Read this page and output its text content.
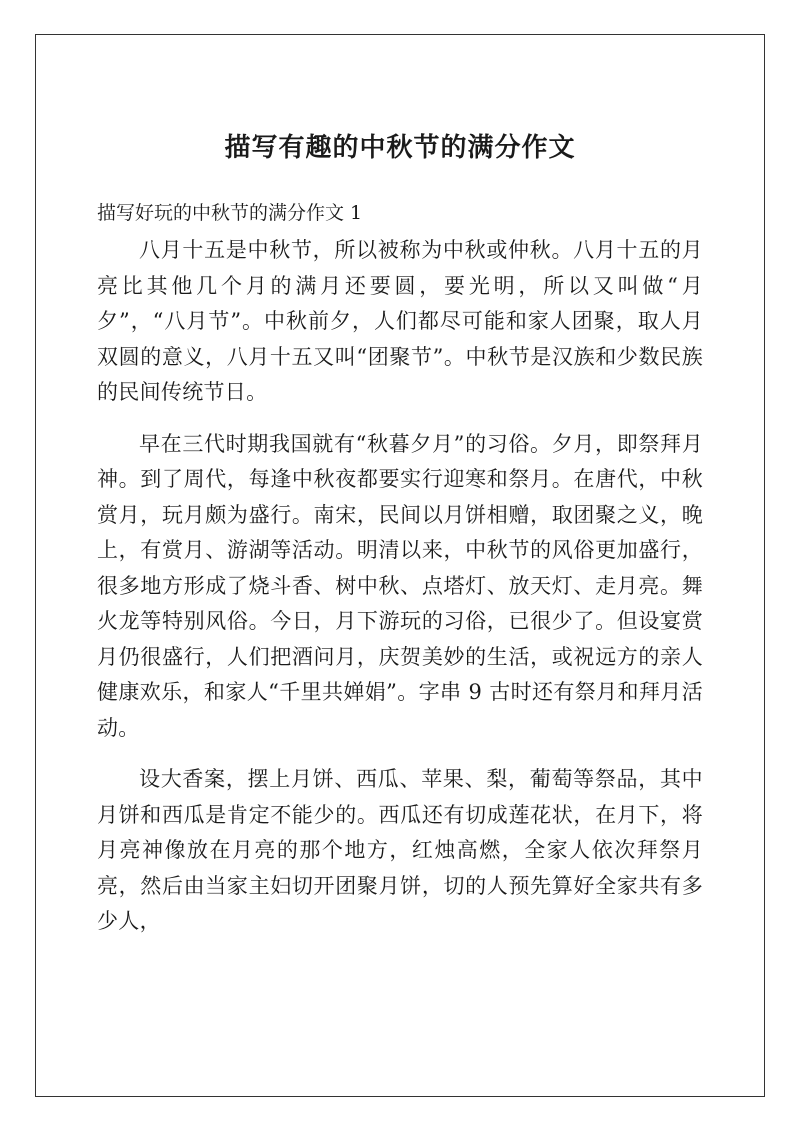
描写有趣的中秋节的满分作文
描写好玩的中秋节的满分作文 1

八月十五是中秋节，所以被称为中秋或仲秋。八月十五的月亮比其他几个月的满月还要圆，要光明，所以又叫做“月夕”，“八月节”。中秋前夕，人们都尽可能和家人团聚，取人月双圆的意义，八月十五又叫“团聚节”。中秋节是汉族和少数民族的民间传统节日。

早在三代时期我国就有“秋暮夕月”的习俗。夕月，即祭拜月神。到了周代，每逢中秋夜都要实行迎寒和祭月。在唐代，中秋赏月，玩月颇为盛行。南宋，民间以月饼相赠，取团聚之义，晚上，有赏月、游湖等活动。明清以来，中秋节的风俗更加盛行，很多地方形成了烧斗香、树中秋、点塔灯、放天灯、走月亮。舞火龙等特别风俗。今日，月下游玩的习俗，已很少了。但设宴赏月仍很盛行，人们把酒问月，庆贺美妙的生活，或祝远方的亲人健康欢乐，和家人“千里共婵娟”。字串 9 古时还有祭月和拜月活动。

设大香案，摆上月饼、西瓜、苹果、梨，葡萄等祭品，其中月饼和西瓜是肯定不能少的。西瓜还有切成莲花状，在月下，将月亮神像放在月亮的那个地方，红烛高燃，全家人依次拜祭月亮，然后由当家主妇切开团聚月饼，切的人预先算好全家共有多少人，
